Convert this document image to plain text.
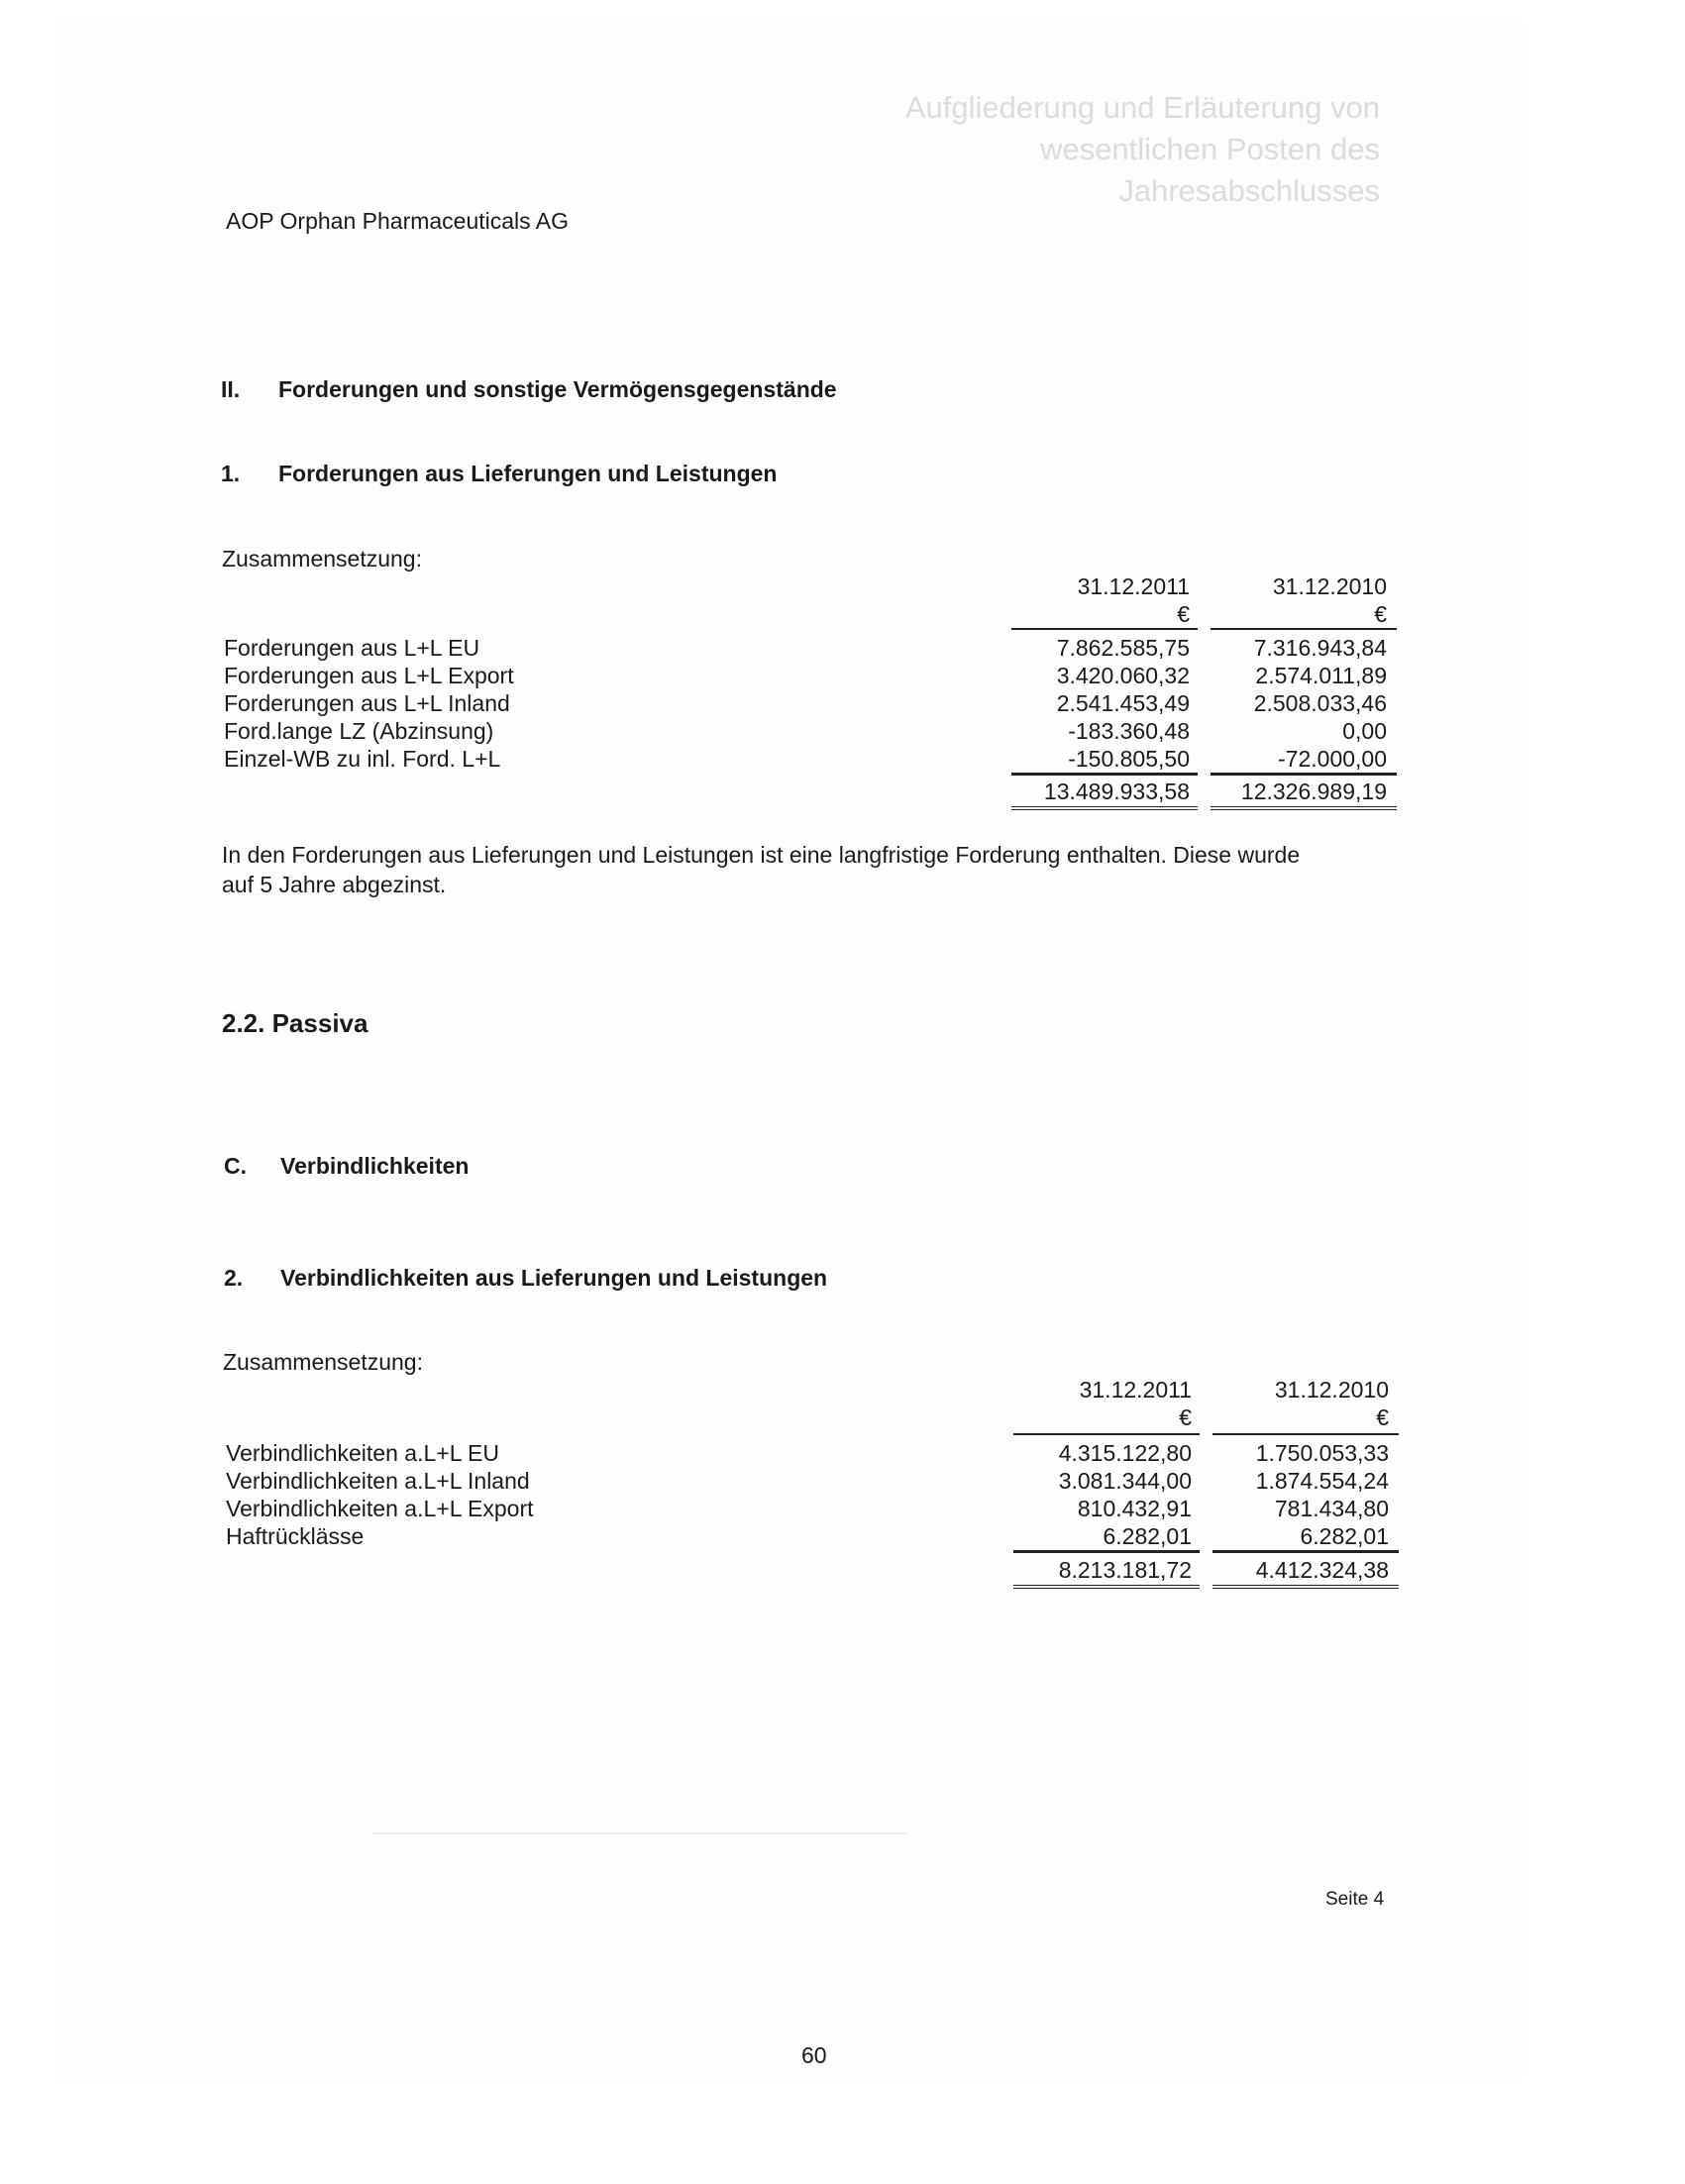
Aufgliederung und Erläuterung von
wesentlichen Posten des
Jahresabschlusses
AOP Orphan Pharmaceuticals AG
II. Forderungen und sonstige Vermögensgegenstände
1. Forderungen aus Lieferungen und Leistungen
Zusammensetzung:
31.12.2011	31.12.2010
€	€
Forderungen aus L+L EU	7.862.585,75	7.316.943,84
Forderungen aus L+L Export	3.420.060,32	2.574.011,89
Forderungen aus L+L Inland	2.541.453,49	2.508.033,46
Ford.lange LZ (Abzinsung)	-183.360,48	0,00
Einzel-WB zu inl. Ford. L+L	-150.805,50	-72.000,00
13.489.933,58 12.326.989,19
In den Forderungen aus Lieferungen und Leistungen ist eine langfristige Forderung enthalten. Diese wurde
auf 5 Jahre abgezinst.
2.2. Passiva
C. Verbindlichkeiten
2. Verbindlichkeiten aus Lieferungen und Leistungen
Zusammensetzung:
31.12.2011	31.12.2010
€	€
Verbindlichkeiten a.L+L EU	4.315.122,80	1.750.053,33
Verbindlichkeiten a.L+L Inland	3.081.344,00	1.874.554,24
Verbindlichkeiten a.L+L Export	810.432,91	781.434,80
Haftrücklässe	6.282,01	6.282,01
8.213.181,72	4.412.324,38
Seite 4
60
